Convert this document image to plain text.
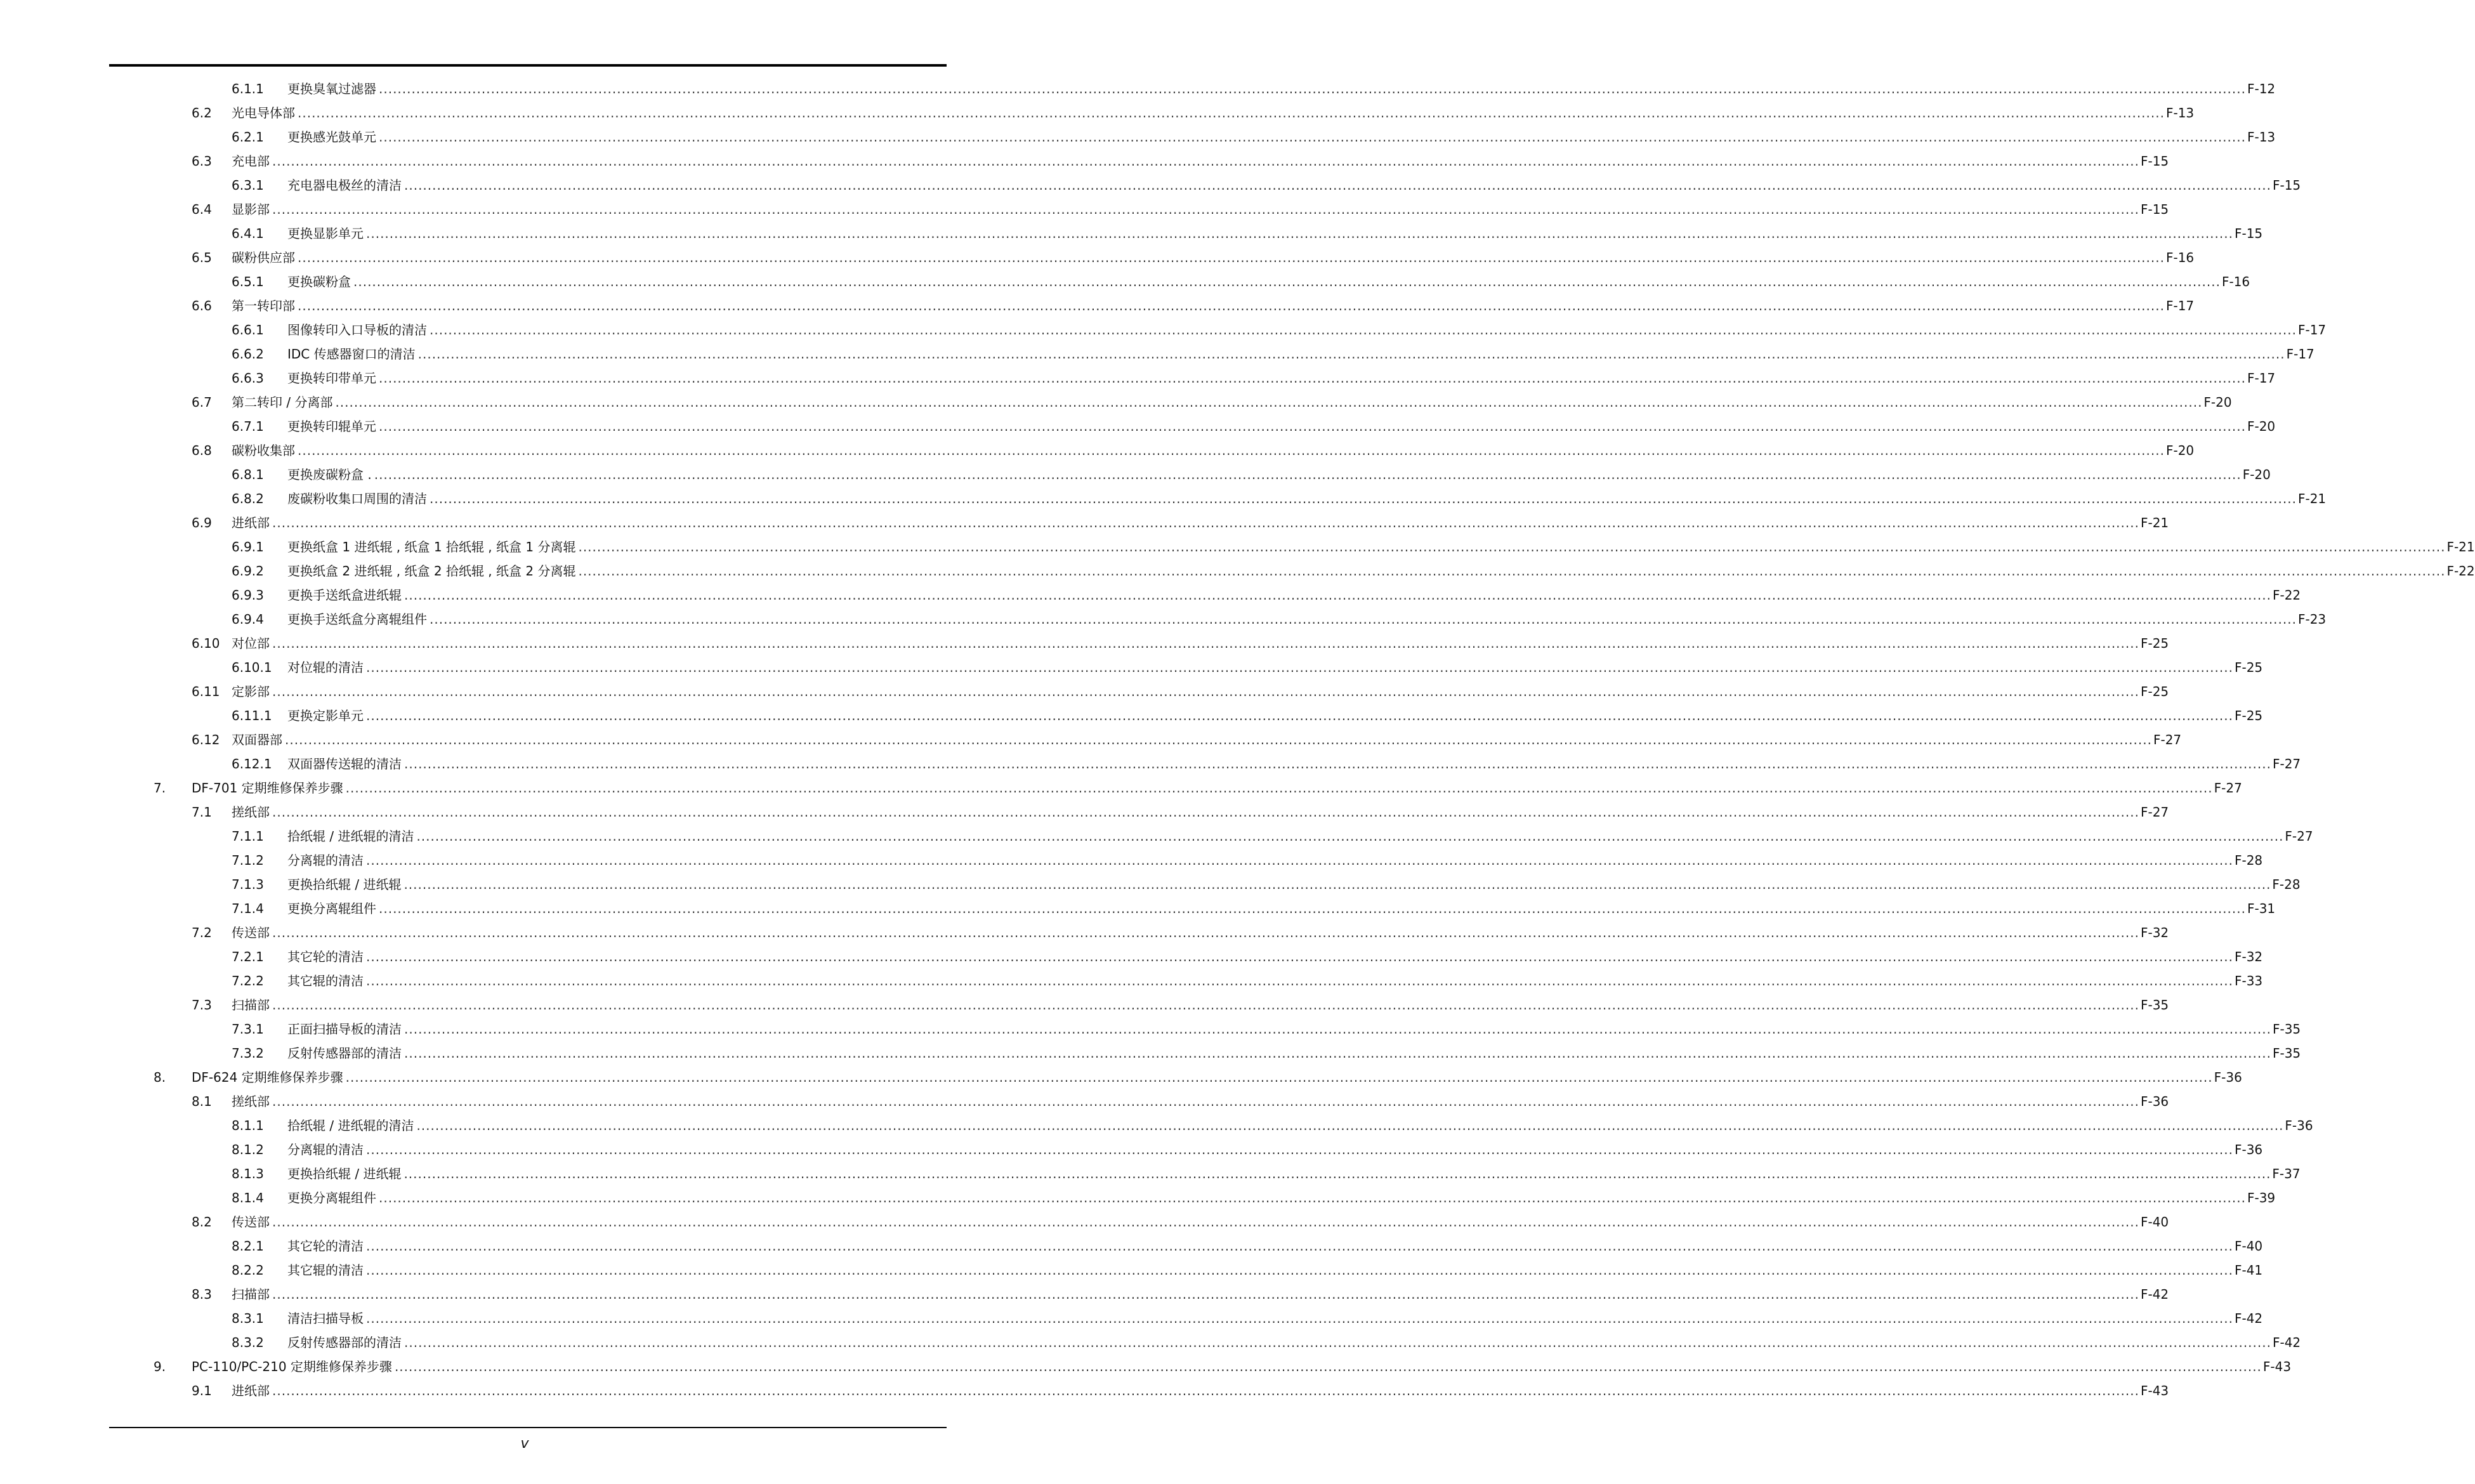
6.1.1 更换臭氧过滤器 ................................................................................................................................................................................................................................................................................................................................................................................................................ F-12
6.2 光电导体部 ................................................................................................................................................................................................................................................................................................................................................................................................................ F-13
6.2.1 更换感光鼓单元 ................................................................................................................................................................................................................................................................................................................................................................................................................ F-13
6.3 充电部 ................................................................................................................................................................................................................................................................................................................................................................................................................ F-15
6.3.1 充电器电极丝的清洁 ................................................................................................................................................................................................................................................................................................................................................................................................................ F-15
6.4 显影部 ................................................................................................................................................................................................................................................................................................................................................................................................................ F-15
6.4.1 更换显影单元 ................................................................................................................................................................................................................................................................................................................................................................................................................ F-15
6.5 碳粉供应部 ................................................................................................................................................................................................................................................................................................................................................................................................................ F-16
6.5.1 更换碳粉盒 ................................................................................................................................................................................................................................................................................................................................................................................................................ F-16
6.6 第一转印部 ................................................................................................................................................................................................................................................................................................................................................................................................................ F-17
6.6.1 图像转印入口导板的清洁 ................................................................................................................................................................................................................................................................................................................................................................................................................ F-17
6.6.2 IDC 传感器窗口的清洁 ................................................................................................................................................................................................................................................................................................................................................................................................................ F-17
6.6.3 更换转印带单元 ................................................................................................................................................................................................................................................................................................................................................................................................................ F-17
6.7 第二转印 / 分离部 ................................................................................................................................................................................................................................................................................................................................................................................................................ F-20
6.7.1 更换转印辊单元 ................................................................................................................................................................................................................................................................................................................................................................................................................ F-20
6.8 碳粉收集部 ................................................................................................................................................................................................................................................................................................................................................................................................................ F-20
6.8.1 更换废碳粉盒 . ................................................................................................................................................................................................................................................................................................................................................................................................................ F-20
6.8.2 废碳粉收集口周围的清洁 ................................................................................................................................................................................................................................................................................................................................................................................................................ F-21
6.9 进纸部 ................................................................................................................................................................................................................................................................................................................................................................................................................ F-21
6.9.1 更换纸盒 1 进纸辊 , 纸盒 1 拾纸辊 , 纸盒 1 分离辊 ................................................................................................................................................................................................................................................................................................................................................................................................................ F-21
6.9.2 更换纸盒 2 进纸辊 , 纸盒 2 拾纸辊 , 纸盒 2 分离辊 ................................................................................................................................................................................................................................................................................................................................................................................................................ F-22
6.9.3 更换手送纸盒进纸辊 ................................................................................................................................................................................................................................................................................................................................................................................................................ F-22
6.9.4 更换手送纸盒分离辊组件 ................................................................................................................................................................................................................................................................................................................................................................................................................ F-23
6.10 对位部 ................................................................................................................................................................................................................................................................................................................................................................................................................ F-25
6.10.1 对位辊的清洁 ................................................................................................................................................................................................................................................................................................................................................................................................................ F-25
6.11 定影部 ................................................................................................................................................................................................................................................................................................................................................................................................................ F-25
6.11.1 更换定影单元 ................................................................................................................................................................................................................................................................................................................................................................................................................ F-25
6.12 双面器部 ................................................................................................................................................................................................................................................................................................................................................................................................................ F-27
6.12.1 双面器传送辊的清洁 ................................................................................................................................................................................................................................................................................................................................................................................................................ F-27
7. DF-701 定期维修保养步骤 ................................................................................................................................................................................................................................................................................................................................................................................................................ F-27
7.1 搓纸部 ................................................................................................................................................................................................................................................................................................................................................................................................................ F-27
7.1.1 拾纸辊 / 进纸辊的清洁 ................................................................................................................................................................................................................................................................................................................................................................................................................ F-27
7.1.2 分离辊的清洁 ................................................................................................................................................................................................................................................................................................................................................................................................................ F-28
7.1.3 更换拾纸辊 / 进纸辊 ................................................................................................................................................................................................................................................................................................................................................................................................................ F-28
7.1.4 更换分离辊组件 ................................................................................................................................................................................................................................................................................................................................................................................................................ F-31
7.2 传送部 ................................................................................................................................................................................................................................................................................................................................................................................................................ F-32
7.2.1 其它轮的清洁 ................................................................................................................................................................................................................................................................................................................................................................................................................ F-32
7.2.2 其它辊的清洁 ................................................................................................................................................................................................................................................................................................................................................................................................................ F-33
7.3 扫描部 ................................................................................................................................................................................................................................................................................................................................................................................................................ F-35
7.3.1 正面扫描导板的清洁 ................................................................................................................................................................................................................................................................................................................................................................................................................ F-35
7.3.2 反射传感器部的清洁 ................................................................................................................................................................................................................................................................................................................................................................................................................ F-35
8. DF-624 定期维修保养步骤 ................................................................................................................................................................................................................................................................................................................................................................................................................ F-36
8.1 搓纸部 ................................................................................................................................................................................................................................................................................................................................................................................................................ F-36
8.1.1 拾纸辊 / 进纸辊的清洁 ................................................................................................................................................................................................................................................................................................................................................................................................................ F-36
8.1.2 分离辊的清洁 ................................................................................................................................................................................................................................................................................................................................................................................................................ F-36
8.1.3 更换拾纸辊 / 进纸辊 ................................................................................................................................................................................................................................................................................................................................................................................................................ F-37
8.1.4 更换分离辊组件 ................................................................................................................................................................................................................................................................................................................................................................................................................ F-39
8.2 传送部 ................................................................................................................................................................................................................................................................................................................................................................................................................ F-40
8.2.1 其它轮的清洁 ................................................................................................................................................................................................................................................................................................................................................................................................................ F-40
8.2.2 其它辊的清洁 ................................................................................................................................................................................................................................................................................................................................................................................................................ F-41
8.3 扫描部 ................................................................................................................................................................................................................................................................................................................................................................................................................ F-42
8.3.1 清洁扫描导板 ................................................................................................................................................................................................................................................................................................................................................................................................................ F-42
8.3.2 反射传感器部的清洁 ................................................................................................................................................................................................................................................................................................................................................................................................................ F-42
9. PC-110/PC-210 定期维修保养步骤 ................................................................................................................................................................................................................................................................................................................................................................................................................ F-43
9.1 进纸部 ................................................................................................................................................................................................................................................................................................................................................................................................................ F-43
v
